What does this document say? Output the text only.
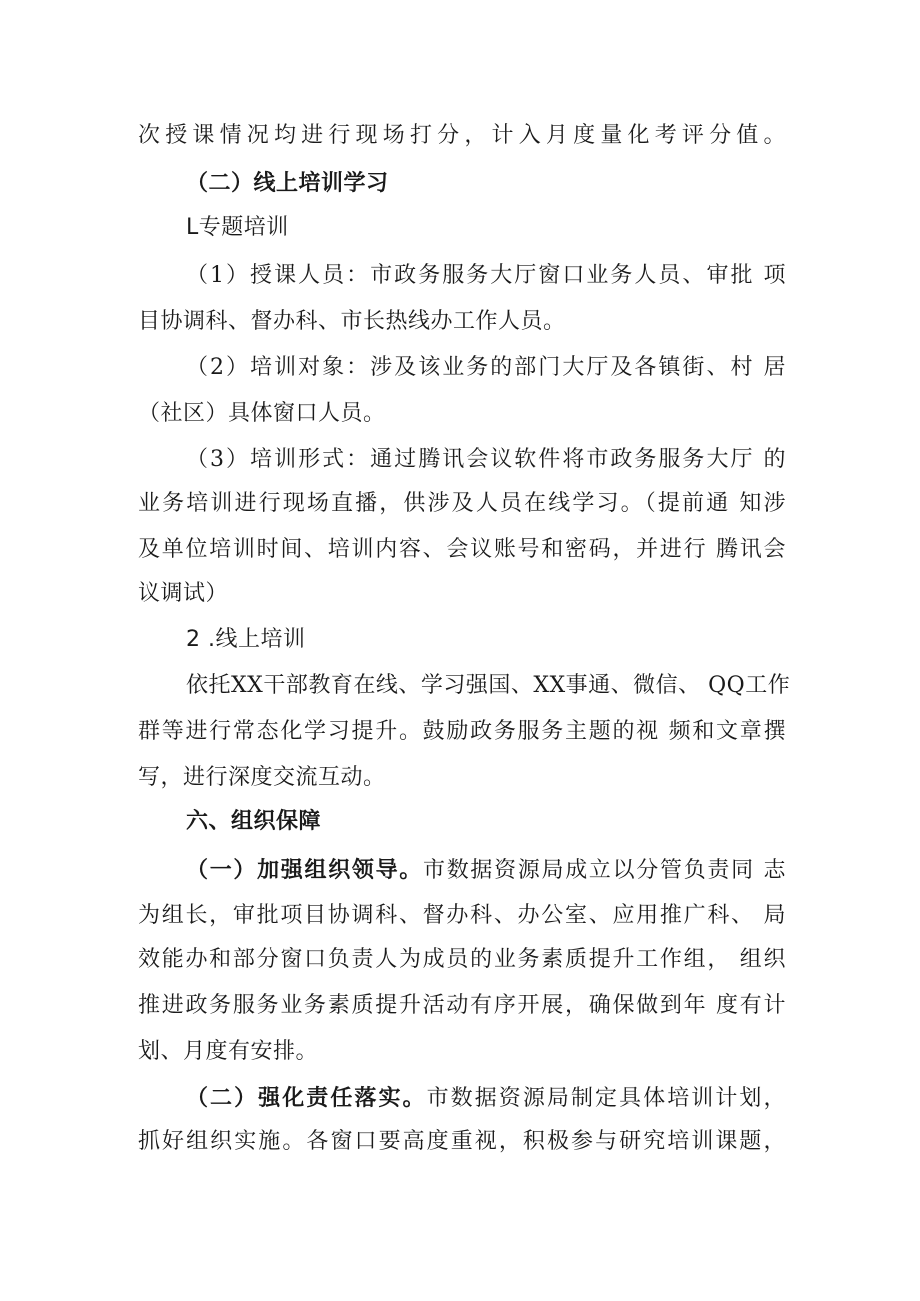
次授课情况均进行现场打分，计入月度量化考评分值。
（二）线上培训学习
L专题培训
（1）授课人员：市政务服务大厅窗口业务人员、审批 项
目协调科、督办科、市长热线办工作人员。
（2）培训对象：涉及该业务的部门大厅及各镇街、村 居
（社区）具体窗口人员。
（3）培训形式：通过腾讯会议软件将市政务服务大厅 的
业务培训进行现场直播，供涉及人员在线学习。（提前通 知涉
及单位培训时间、培训内容、会议账号和密码，并进行 腾讯会
议调试）
2 .线上培训
依托XX干部教育在线、学习强国、XX事通、微信、 QQ工作
群等进行常态化学习提升。鼓励政务服务主题的视 频和文章撰
写，进行深度交流互动。
六、组织保障
（一）加强组织领导。市数据资源局成立以分管负责同 志
为组长，审批项目协调科、督办科、办公室、应用推广科、 局
效能办和部分窗口负责人为成员的业务素质提升工作组， 组织
推进政务服务业务素质提升活动有序开展，确保做到年 度有计
划、月度有安排。
（二）强化责任落实。市数据资源局制定具体培训计划，
抓好组织实施。各窗口要高度重视，积极参与研究培训课题，
